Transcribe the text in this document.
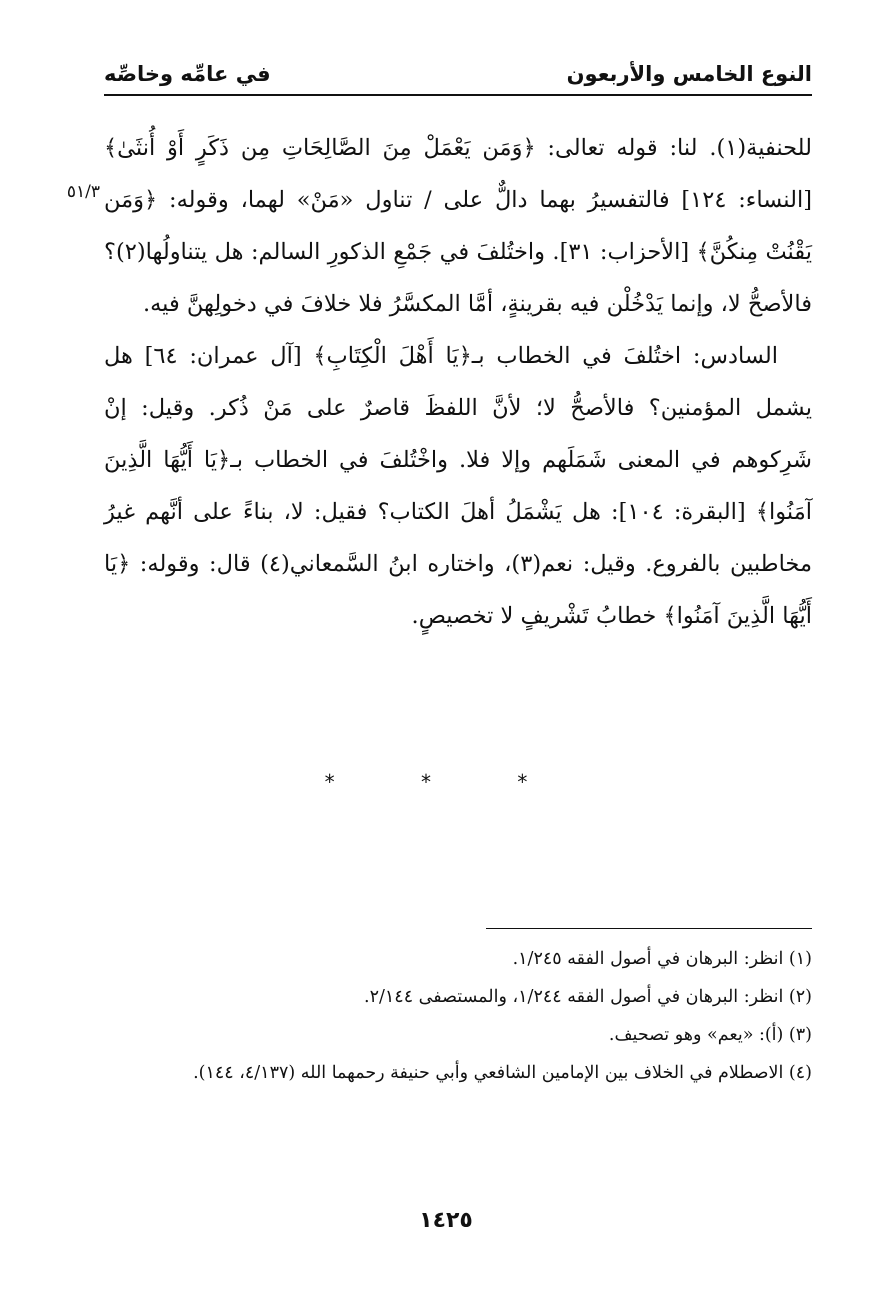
النوع الخامس والأربعون
في عامِّه وخاصِّه
٥١/٣

للحنفية(١). لنا: قوله تعالى: ﴿وَمَن يَعْمَلْ مِنَ الصَّالِحَاتِ مِن ذَكَرٍ أَوْ أُنثَىٰ﴾ [النساء: ١٢٤] فالتفسيرُ بهما دالٌّ على / تناول «مَنْ» لهما، وقوله: ﴿وَمَن يَقْنُتْ مِنكُنَّ﴾ [الأحزاب: ٣١]. واختُلفَ في جَمْعِ الذكورِ السالم: هل يتناولُها(٢)؟ فالأصحُّ لا، وإنما يَدْخُلْن فيه بقرينةٍ، أمَّا المكسَّرُ فلا خلافَ في دخولِهنَّ فيه.

السادس: اختُلفَ في الخطاب بـ﴿يَا أَهْلَ الْكِتَابِ﴾ [آل عمران: ٦٤] هل يشمل المؤمنين؟ فالأصحُّ لا؛ لأنَّ اللفظَ قاصرٌ على مَنْ ذُكر. وقيل: إنْ شَرِكوهم في المعنى شَمَلَهم وإلا فلا. واخْتُلفَ في الخطاب بـ﴿يَا أَيُّهَا الَّذِينَ آمَنُوا﴾ [البقرة: ١٠٤]: هل يَشْمَلُ أهلَ الكتاب؟ فقيل: لا، بناءً على أنَّهم غيرُ مخاطبين بالفروع. وقيل: نعم(٣)، واختاره ابنُ السَّمعاني(٤) قال: وقوله: ﴿يَا أَيُّهَا الَّذِينَ آمَنُوا﴾ خطابُ تَشْريفٍ لا تخصيصٍ.

* * *

(١) انظر: البرهان في أصول الفقه ١/٢٤٥.

(٢) انظر: البرهان في أصول الفقه ١/٢٤٤، والمستصفى ٢/١٤٤.

(٣) (أ): «يعم» وهو تصحيف.

(٤) الاصطلام في الخلاف بين الإمامين الشافعي وأبي حنيفة رحمهما الله (٤/١٣٧، ١٤٤).

١٤٢٥
